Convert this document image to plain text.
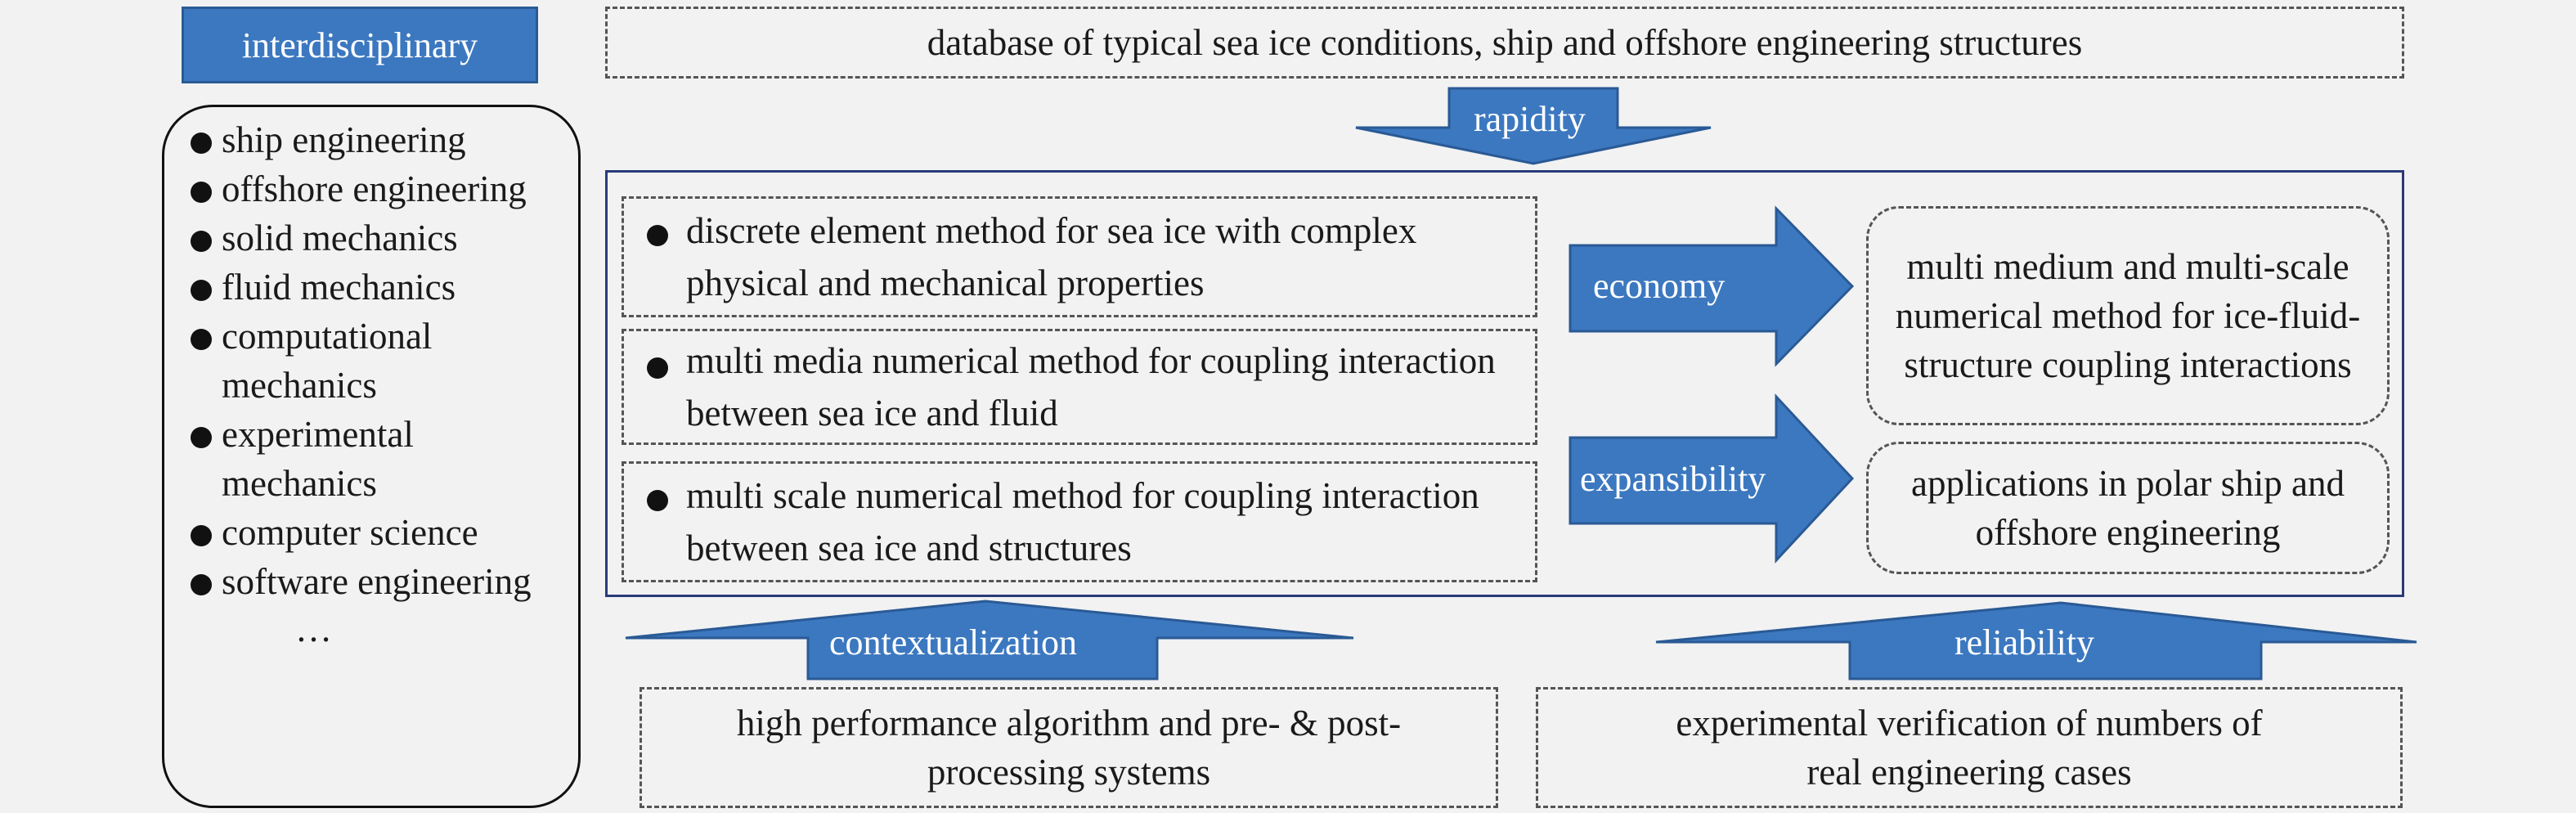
interdisciplinary	database of typical sea ice conditions, ship and offshore engineering structures
rapidity
ship engineering
offshore engineering
solid mechanics
fluid mechanics
computational mechanics
experimental mechanics
computer science
software engineering
…
discrete element method for sea ice with complex physical and mechanical properties
multi media numerical method for coupling interaction between sea ice and fluid
multi scale numerical method for coupling interaction between sea ice and structures
economy
expansibility
multi medium and multi-scale numerical method for ice-fluid-structure coupling interactions
applications in polar ship and offshore engineering
contextualization	reliability
high performance algorithm and pre- & post-processing systems
experimental verification of numbers of real engineering cases
